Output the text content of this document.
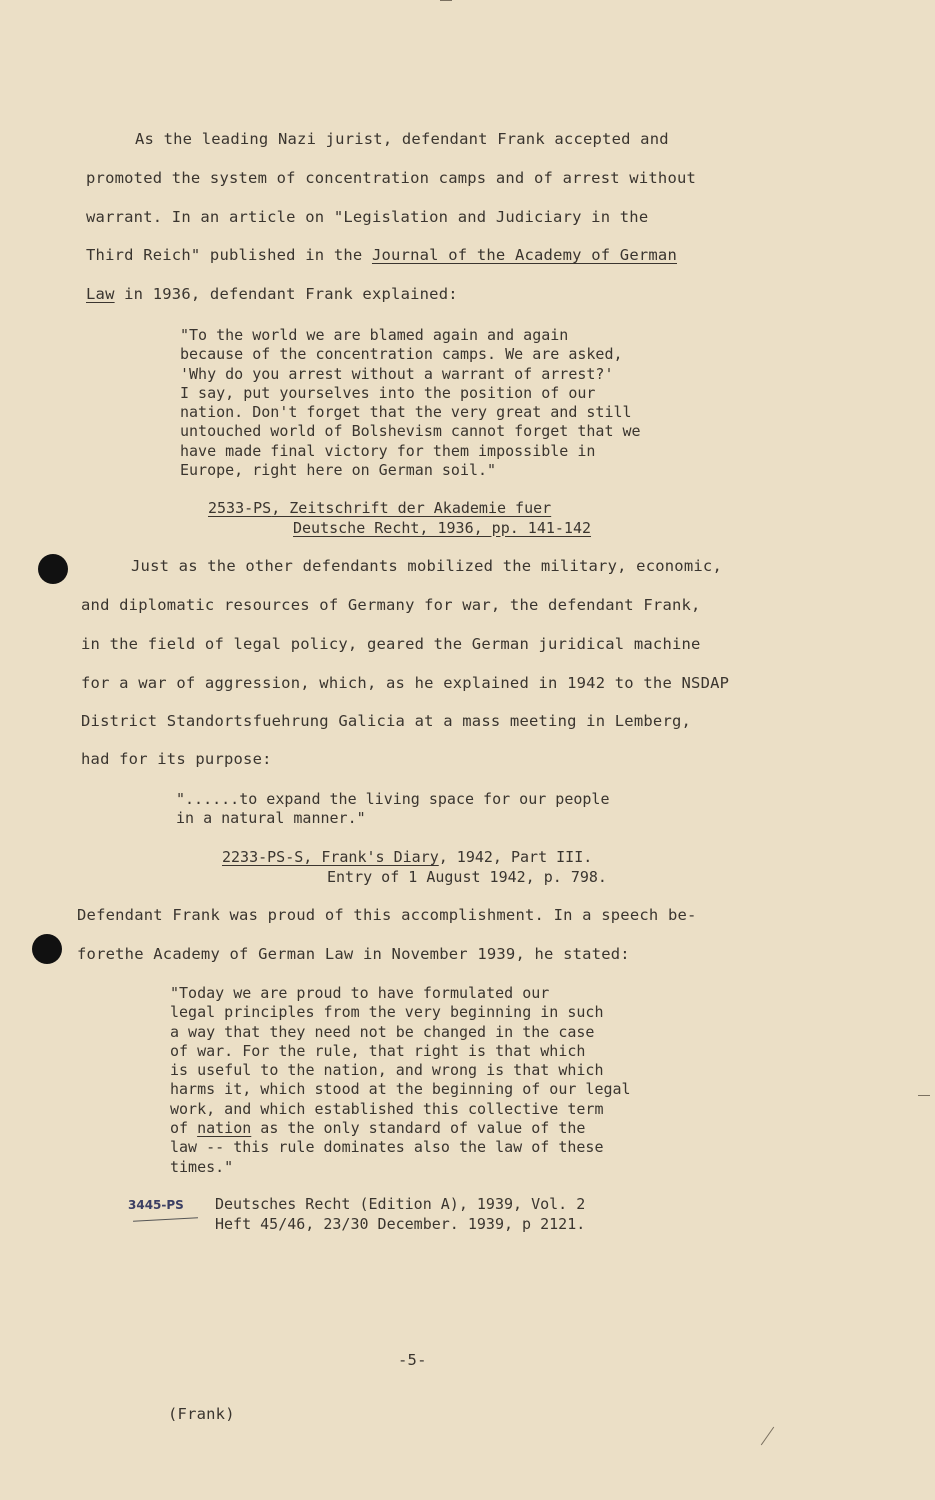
As the leading Nazi jurist, defendant Frank accepted and
promoted the system of concentration camps and of arrest without
warrant. In an article on "Legislation and Judiciary in the
Third Reich" published in the Journal of the Academy of German
Law in 1936, defendant Frank explained:
"To the world we are blamed again and again
because of the concentration camps. We are asked,
'Why do you arrest without a warrant of arrest?'
I say, put yourselves into the position of our
nation. Don't forget that the very great and still
untouched world of Bolshevism cannot forget that we
have made final victory for them impossible in
Europe, right here on German soil."
2533-PS, Zeitschrift der Akademie fuer
Deutsche Recht, 1936, pp. 141-142
Just as the other defendants mobilized the military, economic,
and diplomatic resources of Germany for war, the defendant Frank,
in the field of legal policy, geared the German juridical machine
for a war of aggression, which, as he explained in 1942 to the NSDAP
District Standortsfuehrung Galicia at a mass meeting in Lemberg,
had for its purpose:
"......to expand the living space for our people
in a natural manner."
2233-PS-S, Frank's Diary, 1942, Part III.
Entry of 1 August 1942, p. 798.
Defendant Frank was proud of this accomplishment. In a speech be-
forethe Academy of German Law in November 1939, he stated:
"Today we are proud to have formulated our
legal principles from the very beginning in such
a way that they need not be changed in the case
of war. For the rule, that right is that which
is useful to the nation, and wrong is that which
harms it, which stood at the beginning of our legal
work, and which established this collective term
of nation as the only standard of value of the
law -- this rule dominates also the law of these
times."
3445-PS Deutsches Recht (Edition A), 1939, Vol. 2
Heft 45/46, 23/30 December. 1939, p 2121.
-5-
(Frank)
